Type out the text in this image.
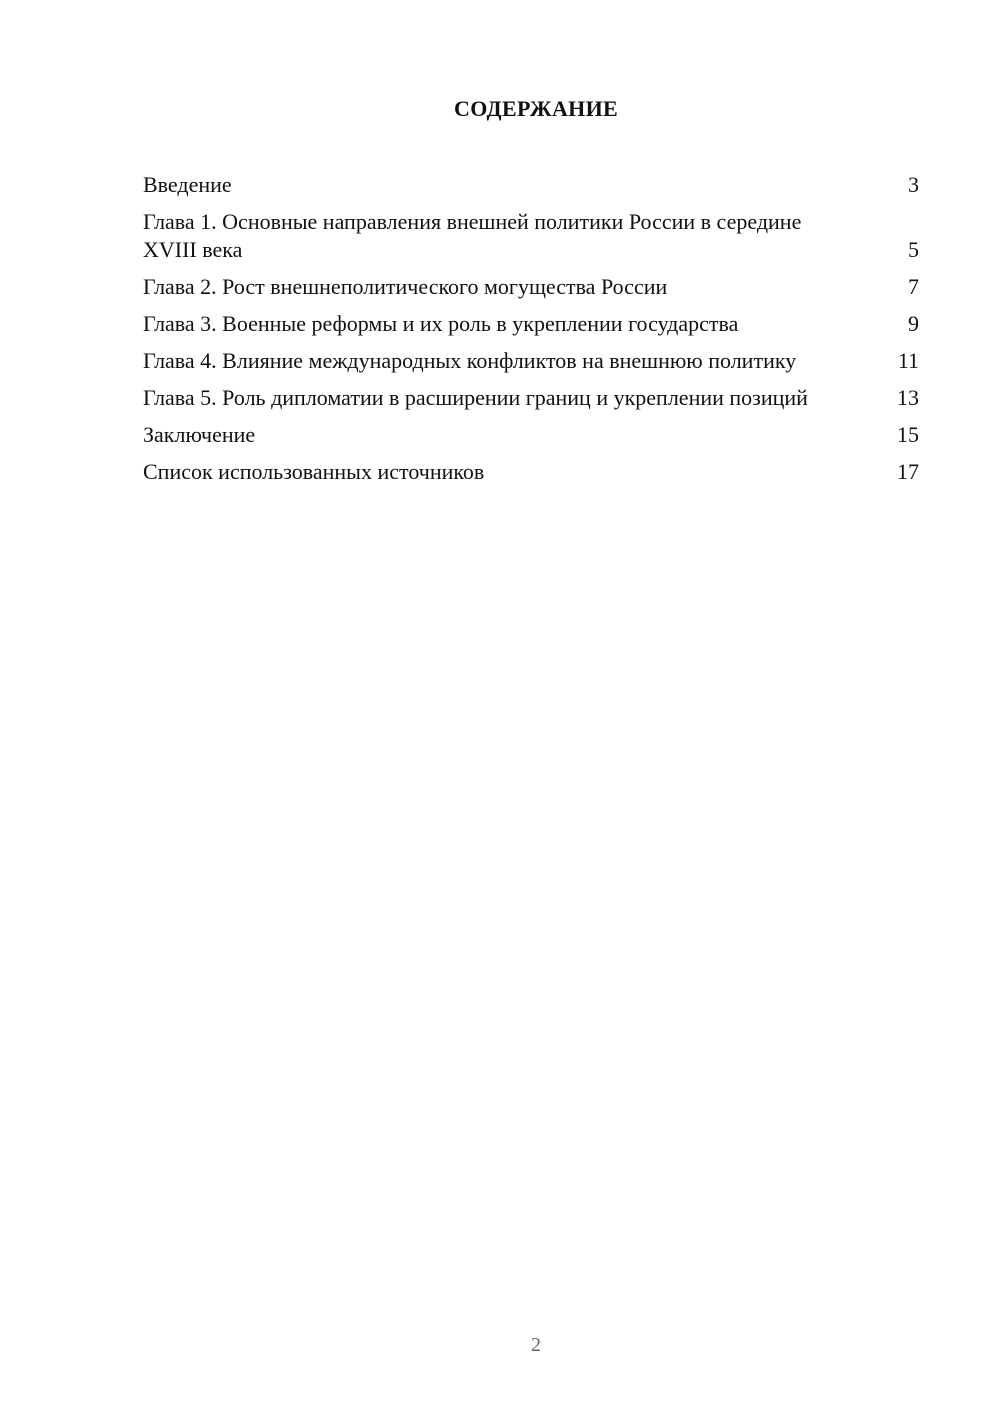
СОДЕРЖАНИЕ
Введение	3
Глава 1. Основные направления внешней политики России в середине XVIII века	5
Глава 2. Рост внешнеполитического могущества России	7
Глава 3. Военные реформы и их роль в укреплении государства	9
Глава 4. Влияние международных конфликтов на внешнюю политику	11
Глава 5. Роль дипломатии в расширении границ и укреплении позиций	13
Заключение	15
Список использованных источников	17
2
